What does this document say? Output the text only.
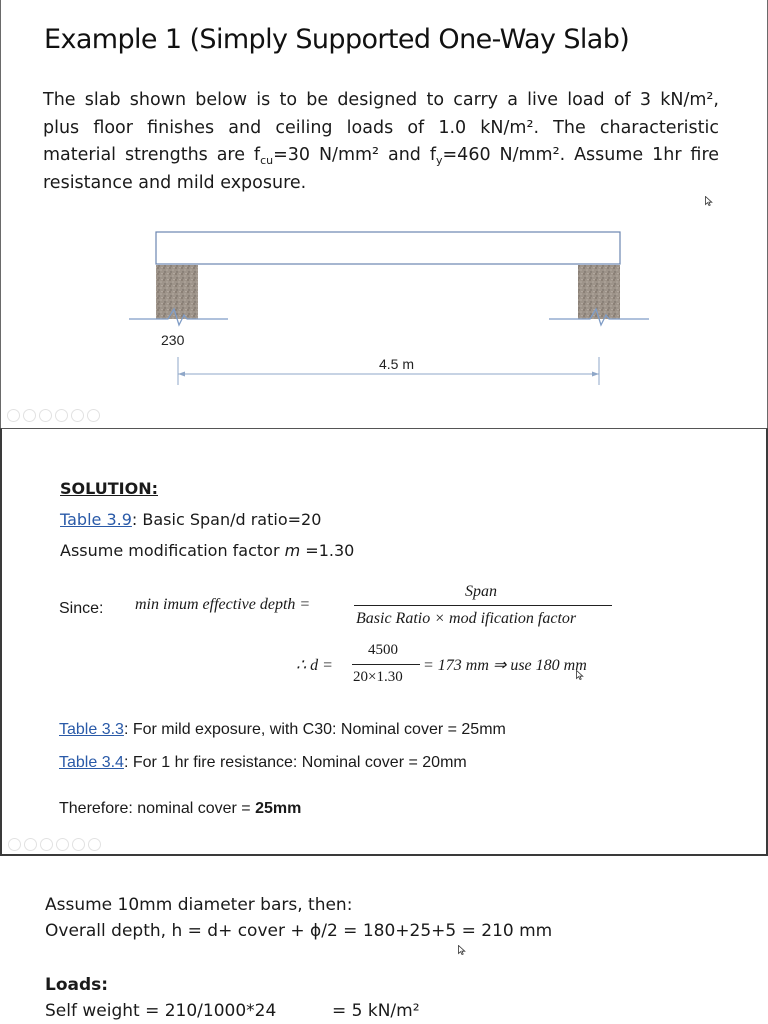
Example 1 (Simply Supported One-Way Slab)
The slab shown below is to be designed to carry a live load of 3 kN/m²,
plus floor finishes and ceiling loads of 1.0 kN/m². The characteristic
material strengths are $f_{cu}=30$ N/mm² and $f_y=460$ N/mm². Assume 1hr fire
resistance and mild exposure.
230
4.5 m
SOLUTION:
Table 3.9: Basic Span/d ratio=20
Assume modification factor m =1.30
Since: min imum effective depth =
Span
Basic Ratio × mod ification factor
∴ d =
4500
20×1.30
= 173 mm ⇒ use 180 mm
Table 3.3: For mild exposure, with C30: Nominal cover = 25mm
Table 3.4: For 1 hr fire resistance: Nominal cover = 20mm
Therefore: nominal cover = 25mm
Assume 10mm diameter bars, then:
Overall depth, h = d+ cover + ϕ/2 = 180+25+5 = 210 mm
Loads:
Self weight = 210/1000*24	= 5 kN/m²
